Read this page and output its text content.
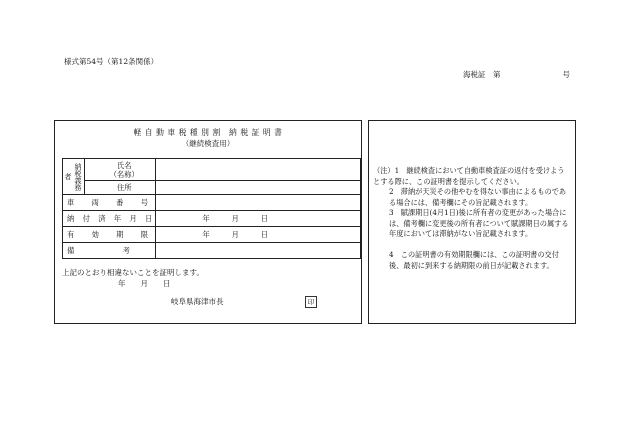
様式第54号（第12条関係）
海税証　第	号
軽 自 動 車 税 種 別 割　納 税 証 明 書
（継続検査用）
納税義務者	氏名
（名称）	

	住所	

車　両　番　号		
納 付 済 年 月 日		年　　　月　　　日
有　効　期　限		年　　　月　　　日
備　　　　　考		
上記のとおり相違ないことを証明します。
年　　月　　日
岐阜県海津市長	印
（注）1　継続検査において自動車検査証の返付を受けようとする際に、この証明書を提示してください。
2　滞納が天災その他やむを得ない事由によるものである場合には、備考欄にその旨記載されます。
3　賦課期日(4月1日)後に所有者の変更があった場合には、備考欄に変更後の所有者について賦課期日の属する年度においては滞納がない旨記載されます。
4　この証明書の有効期限欄には、この証明書の交付後、最初に到来する納期限の前日が記載されます。
